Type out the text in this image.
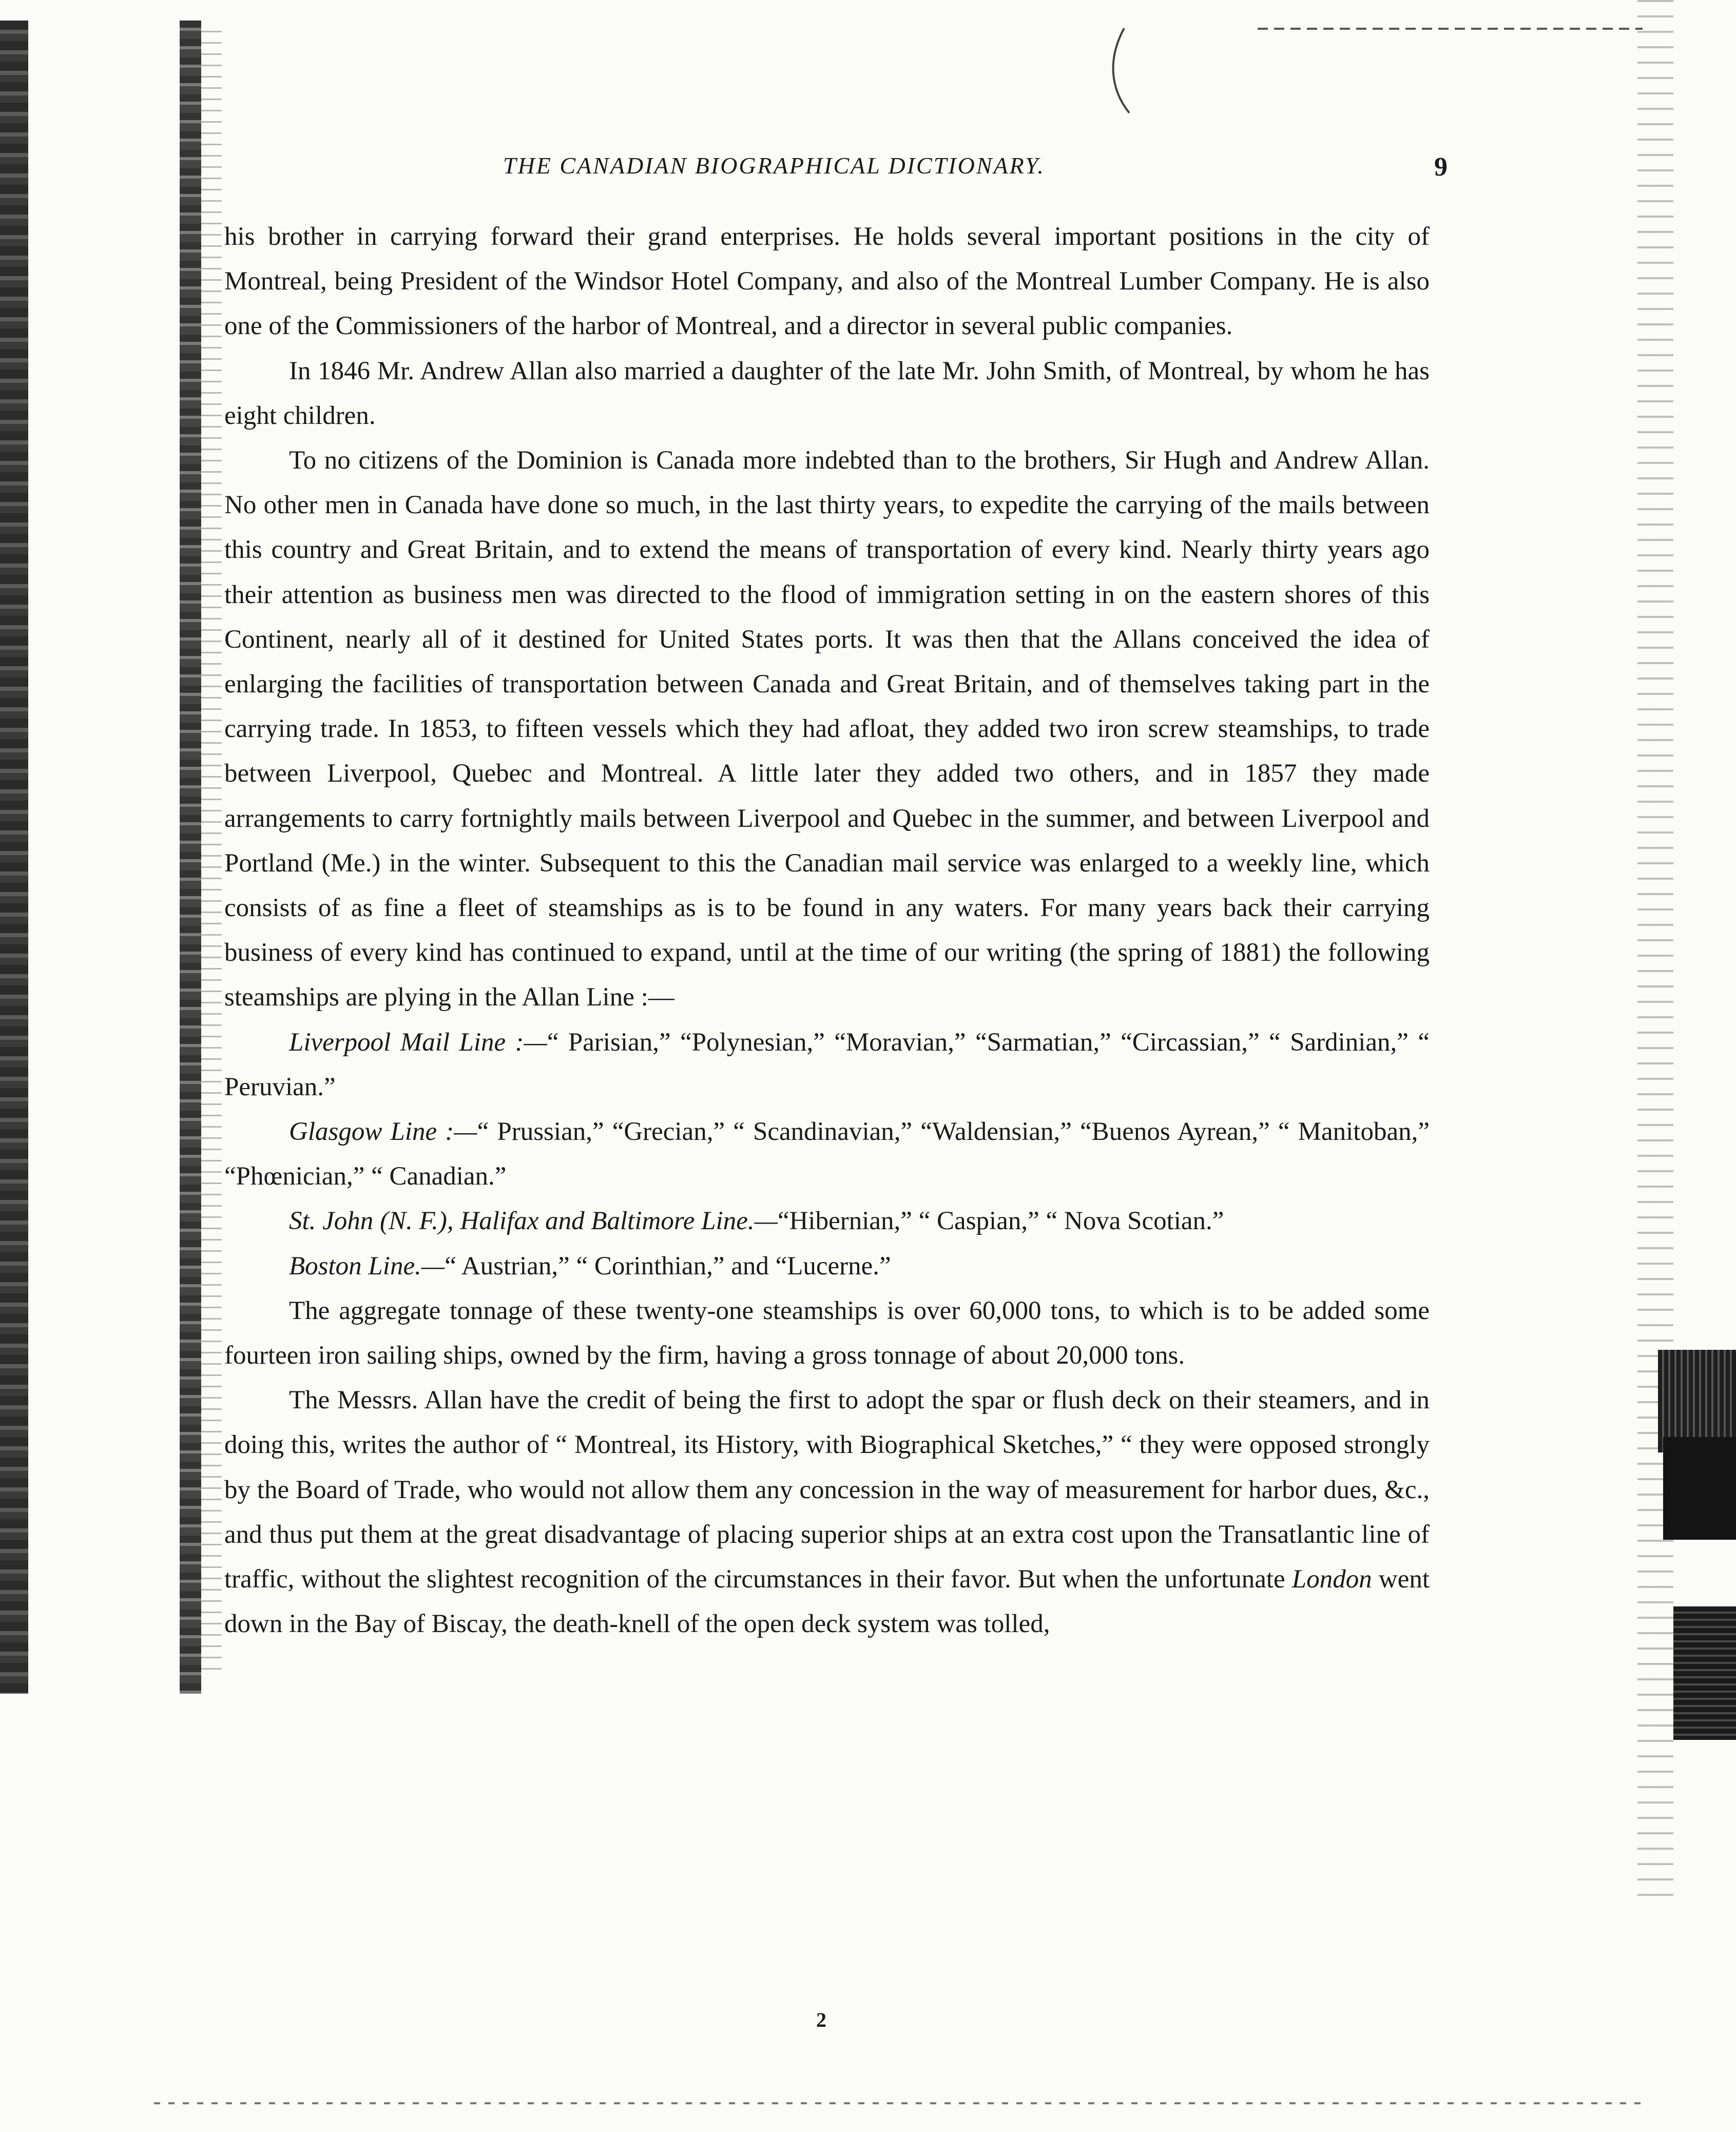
THE CANADIAN BIOGRAPHICAL DICTIONARY.	9

his brother in carrying forward their grand enterprises. He holds several important positions in the city of Montreal, being President of the Windsor Hotel Company, and also of the Montreal Lumber Company. He is also one of the Commissioners of the harbor of Montreal, and a director in several public companies.

In 1846 Mr. Andrew Allan also married a daughter of the late Mr. John Smith, of Montreal, by whom he has eight children.

To no citizens of the Dominion is Canada more indebted than to the brothers, Sir Hugh and Andrew Allan. No other men in Canada have done so much, in the last thirty years, to expedite the carrying of the mails between this country and Great Britain, and to extend the means of transportation of every kind. Nearly thirty years ago their attention as business men was directed to the flood of immigration setting in on the eastern shores of this Continent, nearly all of it destined for United States ports. It was then that the Allans conceived the idea of enlarging the facilities of transportation between Canada and Great Britain, and of themselves taking part in the carrying trade. In 1853, to fifteen vessels which they had afloat, they added two iron screw steamships, to trade between Liverpool, Quebec and Montreal. A little later they added two others, and in 1857 they made arrangements to carry fortnightly mails between Liverpool and Quebec in the summer, and between Liverpool and Portland (Me.) in the winter. Subsequent to this the Canadian mail service was enlarged to a weekly line, which consists of as fine a fleet of steamships as is to be found in any waters. For many years back their carrying business of every kind has continued to expand, until at the time of our writing (the spring of 1881) the following steamships are plying in the Allan Line :—

Liverpool Mail Line :—“ Parisian,” “Polynesian,” “Moravian,” “Sarmatian,” “Circassian,” “ Sardinian,” “ Peruvian.”

Glasgow Line :—“ Prussian,” “Grecian,” “ Scandinavian,” “Waldensian,” “Buenos Ayrean,” “ Manitoban,” “Phœnician,” “ Canadian.”

St. John (N. F.), Halifax and Baltimore Line.—“Hibernian,” “ Caspian,” “ Nova Scotian.”

Boston Line.—“ Austrian,” “ Corinthian,” and “Lucerne.”

The aggregate tonnage of these twenty-one steamships is over 60,000 tons, to which is to be added some fourteen iron sailing ships, owned by the firm, having a gross tonnage of about 20,000 tons.

The Messrs. Allan have the credit of being the first to adopt the spar or flush deck on their steamers, and in doing this, writes the author of “ Montreal, its History, with Biographical Sketches,” “ they were opposed strongly by the Board of Trade, who would not allow them any concession in the way of measurement for harbor dues, &c., and thus put them at the great disadvantage of placing superior ships at an extra cost upon the Transatlantic line of traffic, without the slightest recognition of the circumstances in their favor. But when the unfortunate London went down in the Bay of Biscay, the death-knell of the open deck system was tolled,

2
